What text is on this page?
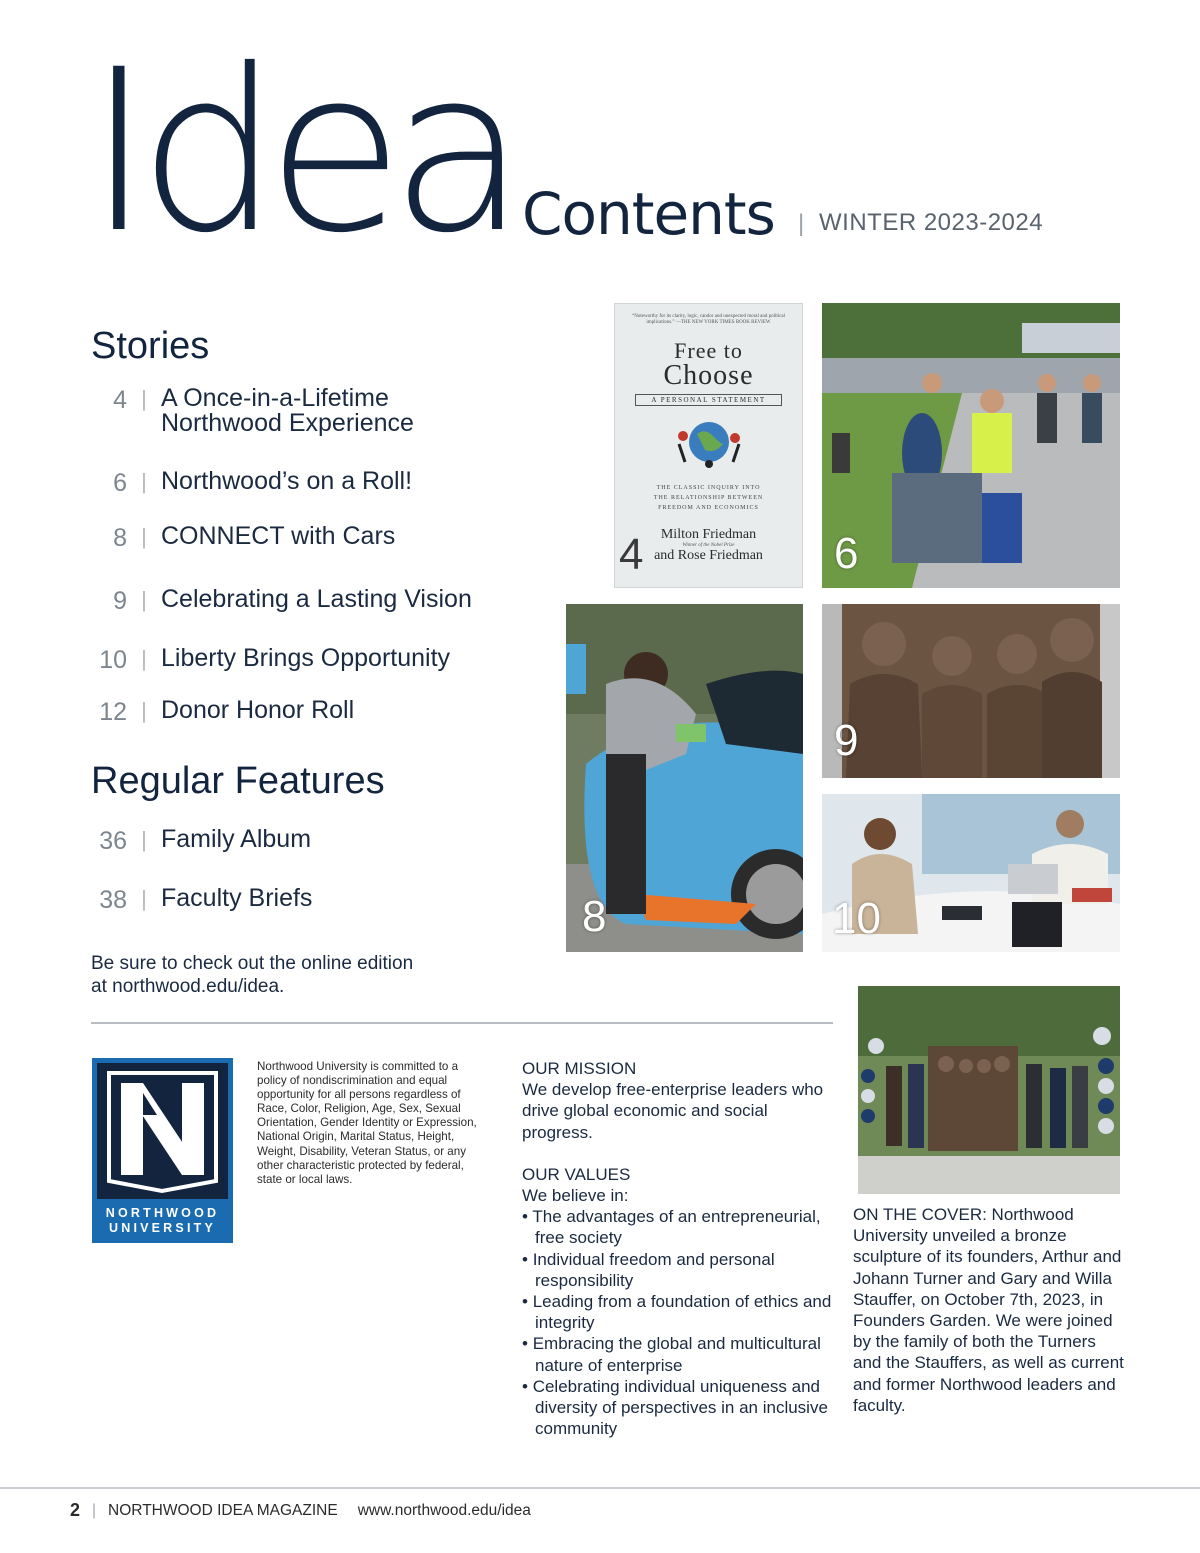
Idea Contents | WINTER 2023-2024
Stories
4 | A Once-in-a-Lifetime
Northwood Experience
6 | Northwood’s on a Roll!
8 | CONNECT with Cars
9 | Celebrating a Lasting Vision
10 | Liberty Brings Opportunity
12 | Donor Honor Roll
Regular Features
36 | Family Album
38 | Faculty Briefs
Be sure to check out the online edition at northwood.edu/idea.
“Noteworthy for its clarity, logic, candor and unexpected moral and political implications.” —THE NEW YORK TIMES BOOK REVIEW
Free to
Choose
A PERSONAL STATEMENT
THE CLASSIC INQUIRY INTO
THE RELATIONSHIP BETWEEN
FREEDOM AND ECONOMICS
Milton Friedman
Winner of the Nobel Prize
and Rose Friedman
4	6
8
9
10
NORTHWOOD
UNIVERSITY
Northwood University is committed to a policy of nondiscrimination and equal opportunity for all persons regardless of Race, Color, Religion, Age, Sex, Sexual Orientation, Gender Identity or Expression, National Origin, Marital Status, Height, Weight, Disability, Veteran Status, or any other characteristic protected by federal, state or local laws.
OUR MISSION
We develop free-enterprise leaders who drive global economic and social progress.
OUR VALUES
We believe in:
• The advantages of an entrepreneurial, free society
• Individual freedom and personal responsibility
• Leading from a foundation of ethics and integrity
• Embracing the global and multicultural nature of enterprise
• Celebrating individual uniqueness and diversity of perspectives in an inclusive community
ON THE COVER: Northwood University unveiled a bronze sculpture of its founders, Arthur and Johann Turner and Gary and Willa Stauffer, on October 7th, 2023, in Founders Garden. We were joined by the family of both the Turners and the Stauffers, as well as current and former Northwood leaders and faculty.
2 | NORTHWOOD IDEA MAGAZINE www.northwood.edu/idea
